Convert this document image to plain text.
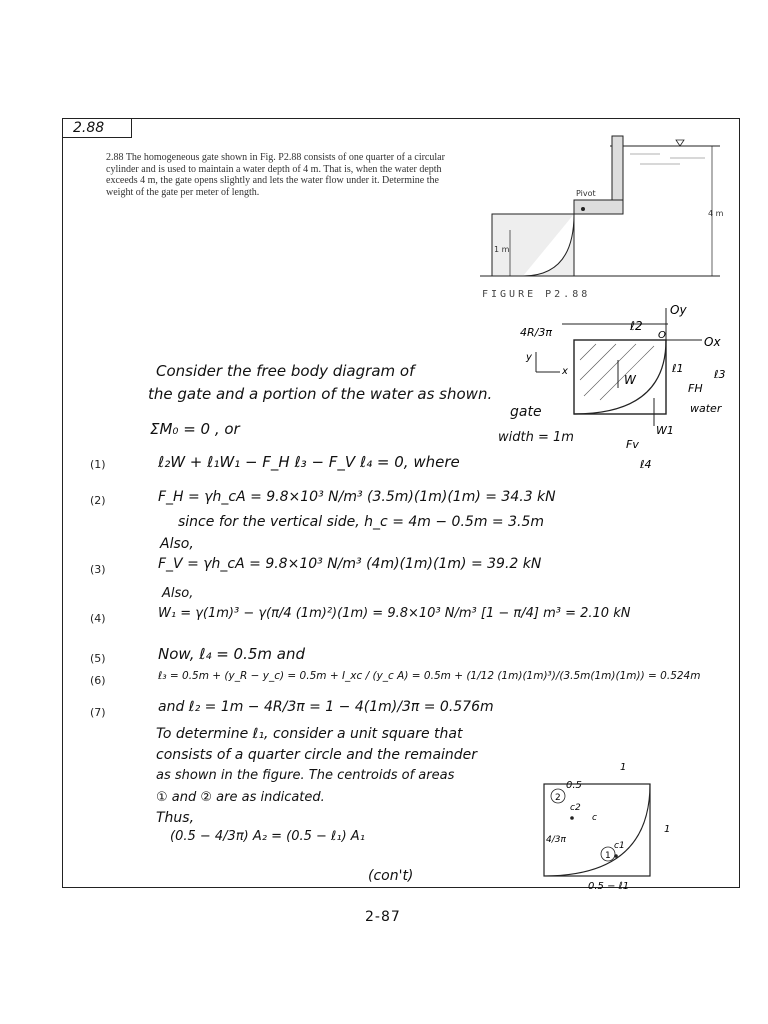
2.88
2.88 The homogeneous gate shown in Fig. P2.88 consists of one quarter of a circular cylinder and is used to maintain a water depth of 4 m. That is, when the water depth exceeds 4 m, the gate opens slightly and lets the water flow under it. Determine the weight of the gate per meter of length.	Pivot
4 m
1 m
FIGURE P2.88
4R/3π	ℓ2
Oy
Ox
O
y
x
W
W1
ℓ1	ℓ3
FH
water
Fv
ℓ4
Consider the free body diagram of
the gate and a portion of the water as shown.
gate
ΣM₀ = 0 , or	width = 1m
(1)	ℓ₂W + ℓ₁W₁ − F_H ℓ₃ − F_V ℓ₄ = 0, where
(2)	F_H = γh_cA = 9.8×10³ N/m³ (3.5m)(1m)(1m) = 34.3 kN
since for the vertical side, h_c = 4m − 0.5m = 3.5m
Also,
(3)	F_V = γh_cA = 9.8×10³ N/m³ (4m)(1m)(1m) = 39.2 kN
Also,
(4)	W₁ = γ(1m)³ − γ(π/4 (1m)²)(1m) = 9.8×10³ N/m³ [1 − π/4] m³ = 2.10 kN
(5)	Now, ℓ₄ = 0.5m and
(6)	ℓ₃ = 0.5m + (y_R − y_c) = 0.5m + I_xc / (y_c A) = 0.5m + (1/12 (1m)(1m)³)/(3.5m(1m)(1m)) = 0.524m
(7)	and ℓ₂ = 1m − 4R/3π = 1 − 4(1m)/3π = 0.576m
To determine ℓ₁, consider a unit square that
consists of a quarter circle and the remainder
as shown in the figure. The centroids of areas
① and ② are as indicated.
Thus,
(0.5 − 4/3π) A₂ = (0.5 − ℓ₁) A₁
(con't)
1
0.5
2
c2
c
4/3π
c1
1
1
0.5 − ℓ1
2-87
